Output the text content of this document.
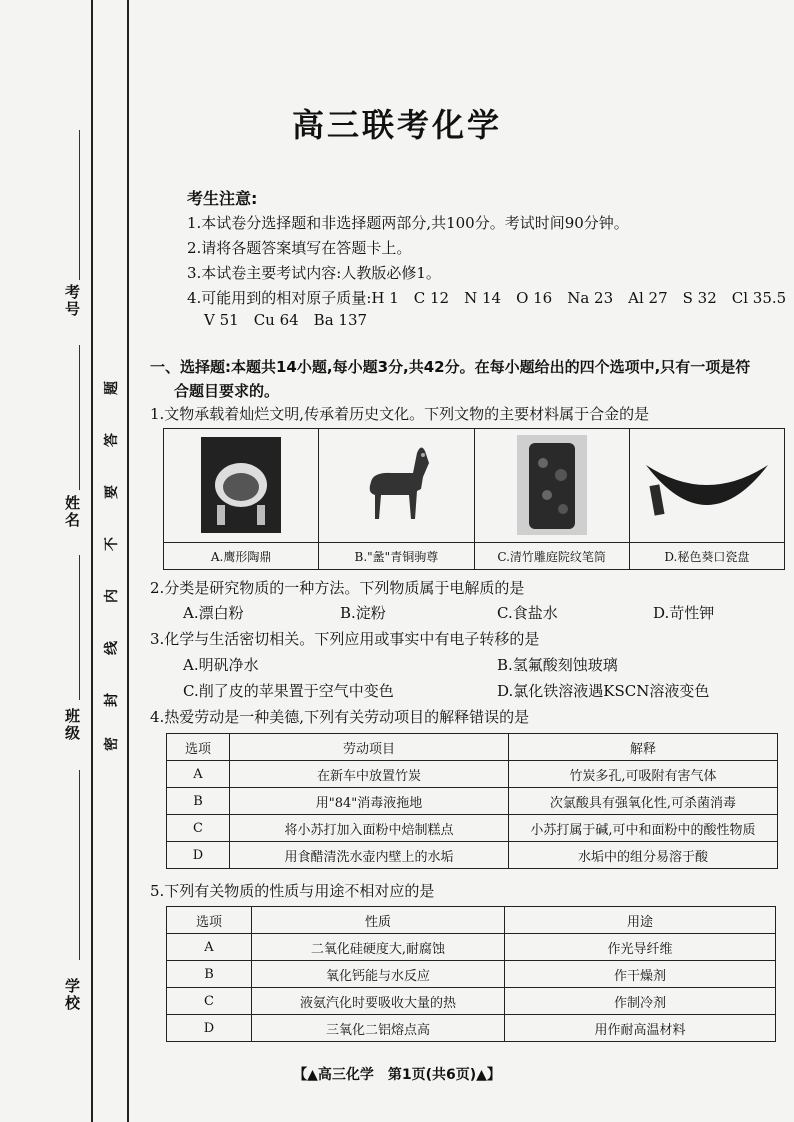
考号
姓名
班级
学校
题
答
要
不
内
线
封
密
高三联考化学
考生注意:
1.本试卷分选择题和非选择题两部分,共100分。考试时间90分钟。
2.请将各题答案填写在答题卡上。
3.本试卷主要考试内容:人教版必修1。
4.可能用到的相对原子质量:H 1　C 12　N 14　O 16　Na 23　Al 27　S 32　Cl 35.5
V 51　Cu 64　Ba 137
一、选择题:本题共14小题,每小题3分,共42分。在每小题给出的四个选项中,只有一项是符
合题目要求的。
1.文物承载着灿烂文明,传承着历史文化。下列文物的主要材料属于合金的是
A.鹰形陶鼎	B."盠"青铜驹尊	C.清竹雕庭院纹笔筒	D.秘色葵口瓷盘
2.分类是研究物质的一种方法。下列物质属于电解质的是
A.漂白粉	B.淀粉	C.食盐水	D.苛性钾
3.化学与生活密切相关。下列应用或事实中有电子转移的是
A.明矾净水	B.氢氟酸刻蚀玻璃
C.削了皮的苹果置于空气中变色	D.氯化铁溶液遇KSCN溶液变色
4.热爱劳动是一种美德,下列有关劳动项目的解释错误的是
选项	劳动项目	解释
A	在新车中放置竹炭	竹炭多孔,可吸附有害气体
B	用"84"消毒液拖地	次氯酸具有强氧化性,可杀菌消毒
C	将小苏打加入面粉中焙制糕点	小苏打属于碱,可中和面粉中的酸性物质
D	用食醋清洗水壶内壁上的水垢	水垢中的组分易溶于酸
5.下列有关物质的性质与用途不相对应的是
选项	性质	用途
A	二氧化硅硬度大,耐腐蚀	作光导纤维
B	氧化钙能与水反应	作干燥剂
C	液氨汽化时要吸收大量的热	作制冷剂
D	三氧化二铝熔点高	用作耐高温材料
【▲高三化学　第1页(共6页)▲】
